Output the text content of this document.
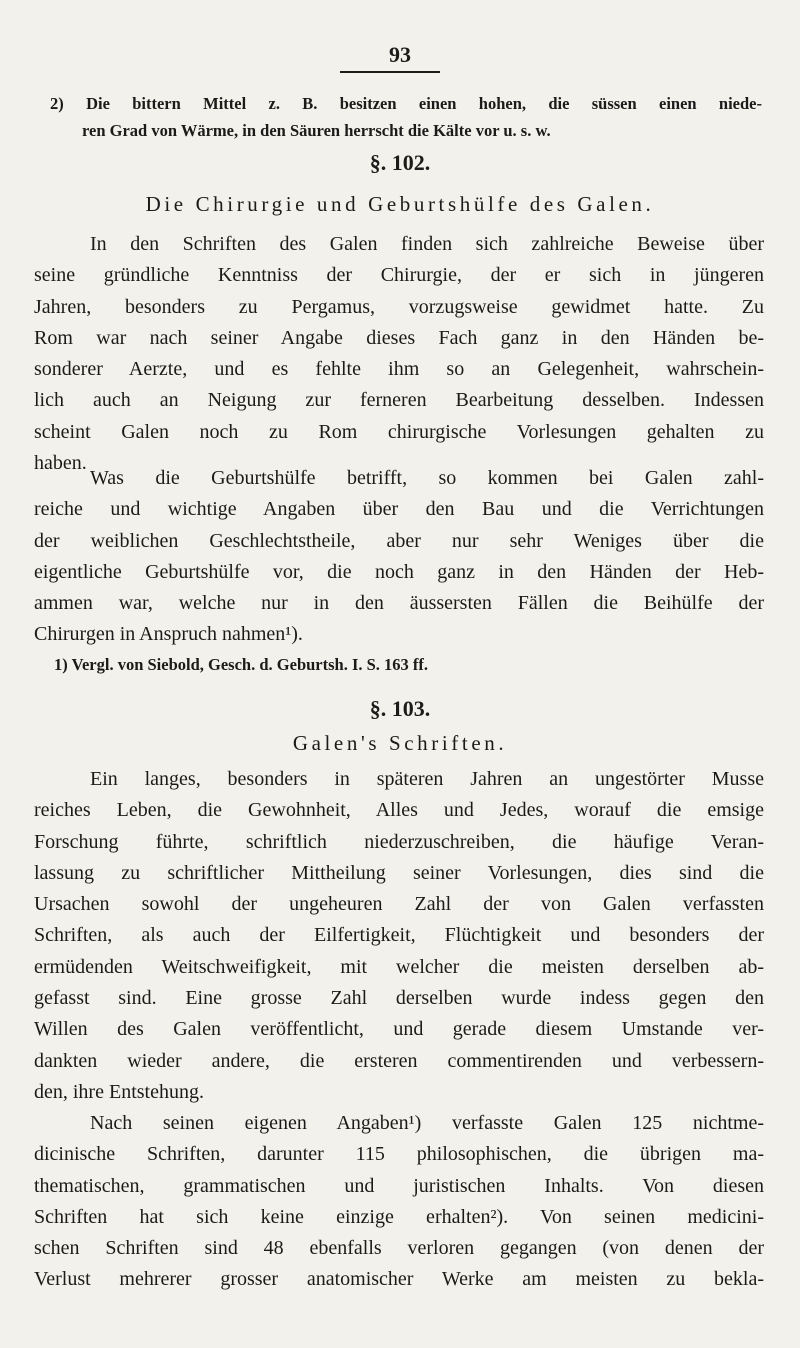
93
2) Die bittern Mittel z. B. besitzen einen hohen, die süssen einen niede-
ren Grad von Wärme, in den Säuren herrscht die Kälte vor u. s. w.
§. 102.
Die Chirurgie und Geburtshülfe des Galen.
In den Schriften des Galen finden sich zahlreiche Beweise über
seine gründliche Kenntniss der Chirurgie, der er sich in jüngeren
Jahren, besonders zu Pergamus, vorzugsweise gewidmet hatte. Zu
Rom war nach seiner Angabe dieses Fach ganz in den Händen be-
sonderer Aerzte, und es fehlte ihm so an Gelegenheit, wahrschein-
lich auch an Neigung zur ferneren Bearbeitung desselben. Indessen
scheint Galen noch zu Rom chirurgische Vorlesungen gehalten zu
haben.
Was die Geburtshülfe betrifft, so kommen bei Galen zahl-
reiche und wichtige Angaben über den Bau und die Verrichtungen
der weiblichen Geschlechtstheile, aber nur sehr Weniges über die
eigentliche Geburtshülfe vor, die noch ganz in den Händen der Heb-
ammen war, welche nur in den äussersten Fällen die Beihülfe der
Chirurgen in Anspruch nahmen¹).
1) Vergl. von Siebold, Gesch. d. Geburtsh. I. S. 163 ff.
§. 103.
Galen's Schriften.
Ein langes, besonders in späteren Jahren an ungestörter Musse
reiches Leben, die Gewohnheit, Alles und Jedes, worauf die emsige
Forschung führte, schriftlich niederzuschreiben, die häufige Veran-
lassung zu schriftlicher Mittheilung seiner Vorlesungen, dies sind die
Ursachen sowohl der ungeheuren Zahl der von Galen verfassten
Schriften, als auch der Eilfertigkeit, Flüchtigkeit und besonders der
ermüdenden Weitschweifigkeit, mit welcher die meisten derselben ab-
gefasst sind. Eine grosse Zahl derselben wurde indess gegen den
Willen des Galen veröffentlicht, und gerade diesem Umstande ver-
dankten wieder andere, die ersteren commentirenden und verbessern-
den, ihre Entstehung.
Nach seinen eigenen Angaben¹) verfasste Galen 125 nichtme-
dicinische Schriften, darunter 115 philosophischen, die übrigen ma-
thematischen, grammatischen und juristischen Inhalts. Von diesen
Schriften hat sich keine einzige erhalten²). Von seinen medicini-
schen Schriften sind 48 ebenfalls verloren gegangen (von denen der
Verlust mehrerer grosser anatomischer Werke am meisten zu bekla-
